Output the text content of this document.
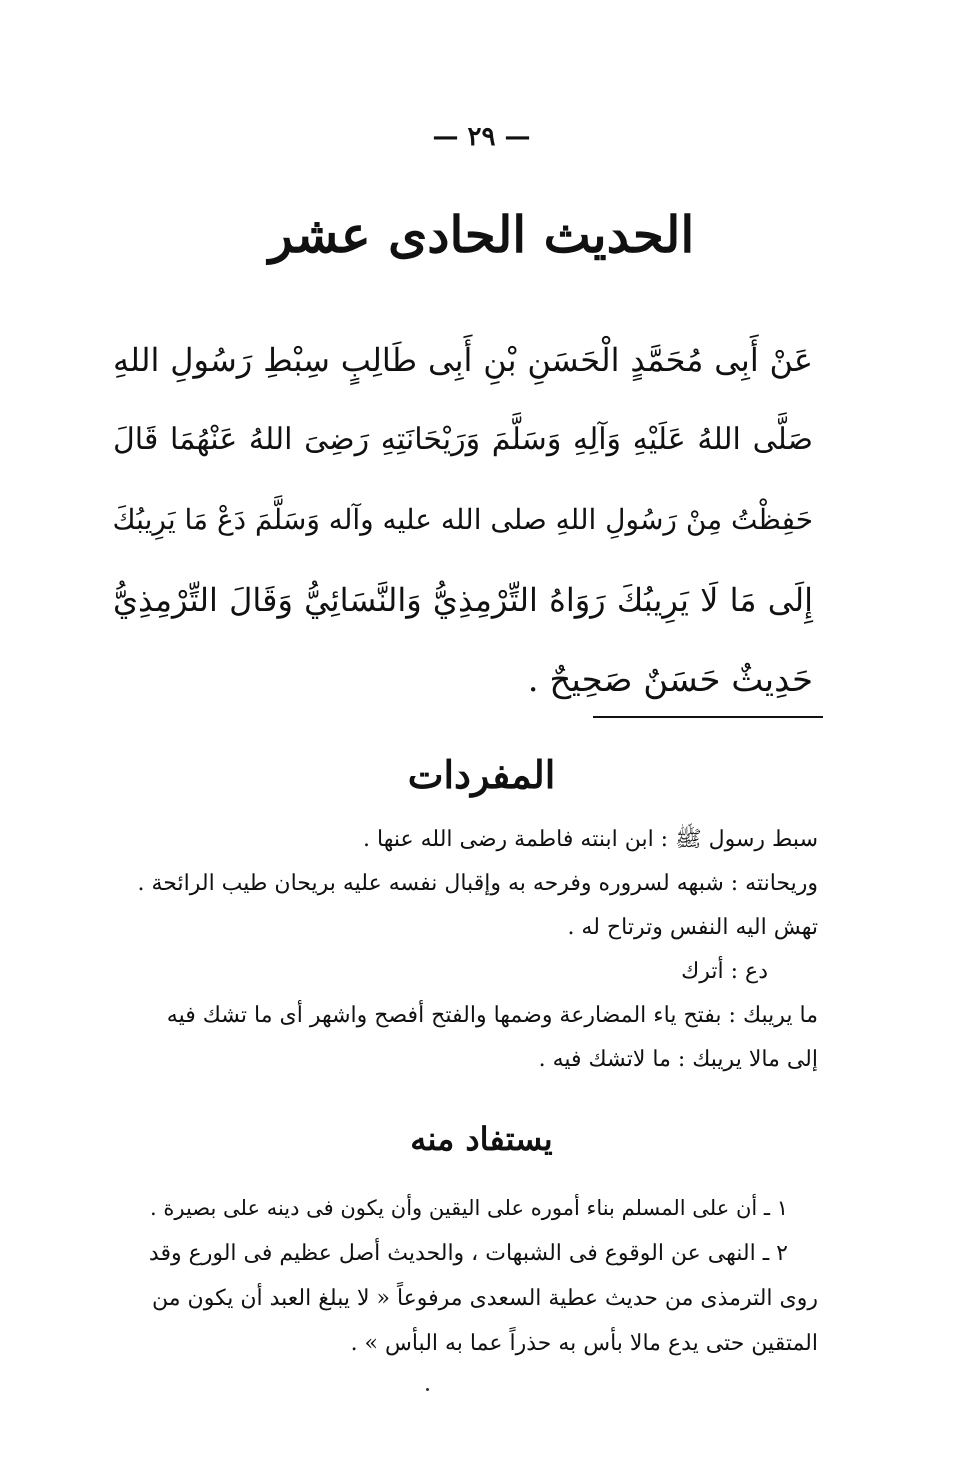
— ٢٩ —
الحديث الحادى عشر
عَنْ أَبِى مُحَمَّدٍ الْحَسَنِ بْنِ أَبِى طَالِبٍ سِبْطِ رَسُولِ اللهِ
صَلَّى اللهُ عَلَيْهِ وَآلِهِ وَسَلَّمَ وَرَيْحَانَتِهِ رَضِىَ اللهُ عَنْهُمَا قَالَ
حَفِظْتُ مِنْ رَسُولِ اللهِ صلى الله عليه وآله وَسَلَّمَ دَعْ مَا يَرِيبُكَ
إِلَى مَا لَا يَرِيبُكَ رَوَاهُ التِّرْمِذِيُّ وَالنَّسَائِيُّ وَقَالَ التِّرْمِذِيُّ
حَدِيثٌ حَسَنٌ صَحِيحٌ .
المفردات
سبط رسول ﷺ : ابن ابنته فاطمة رضى الله عنها .
وريحانته : شبهه لسروره وفرحه به وإقبال نفسه عليه بريحان طيب الرائحة .
تهش اليه النفس وترتاح له .
دع : أترك
ما يريبك : بفتح ياء المضارعة وضمها والفتح أفصح واشهر أى ما تشك فيه
إلى مالا يريبك : ما لاتشك فيه .
يستفاد منه
١ ـ أن على المسلم بناء أموره على اليقين وأن يكون فى دينه على بصيرة .
٢ ـ النهى عن الوقوع فى الشبهات ، والحديث أصل عظيم فى الورع وقد
روى الترمذى من حديث عطية السعدى مرفوعاً « لا يبلغ العبد أن يكون من
المتقين حتى يدع مالا بأس به حذراً عما به البأس » .
